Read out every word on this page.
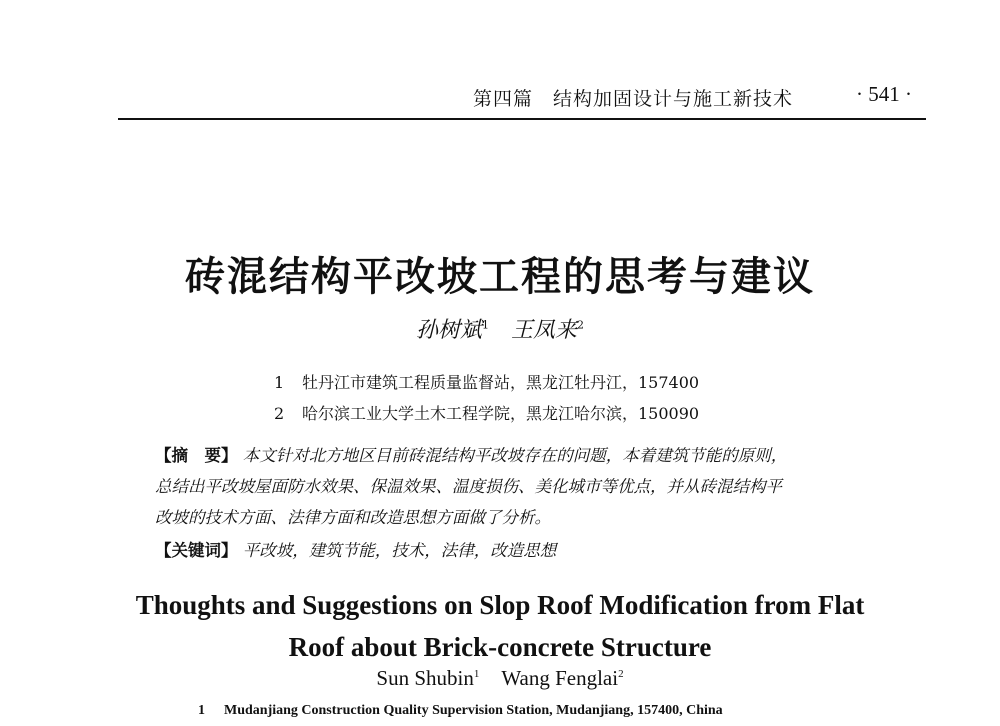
第四篇　结构加固设计与施工新技术	· 541 ·
砖混结构平改坡工程的思考与建议
孙树斌$^1$ 王凤来$^2$
1 牡丹江市建筑工程质量监督站，黑龙江牡丹江，157400
2 哈尔滨工业大学土木工程学院，黑龙江哈尔滨，150090
【摘　要】 本文针对北方地区目前砖混结构平改坡存在的问题，本着建筑节能的原则，
总结出平改坡屋面防水效果、保温效果、温度损伤、美化城市等优点，并从砖混结构平
改坡的技术方面、法律方面和改造思想方面做了分析。
【关键词】 平改坡，建筑节能，技术，法律，改造思想
Thoughts and Suggestions on Slop Roof Modification from Flat
Roof about Brick-concrete Structure
Sun Shubin$^1$ Wang Fenglai$^2$
1 Mudanjiang Construction Quality Supervision Station, Mudanjiang, 157400, China
